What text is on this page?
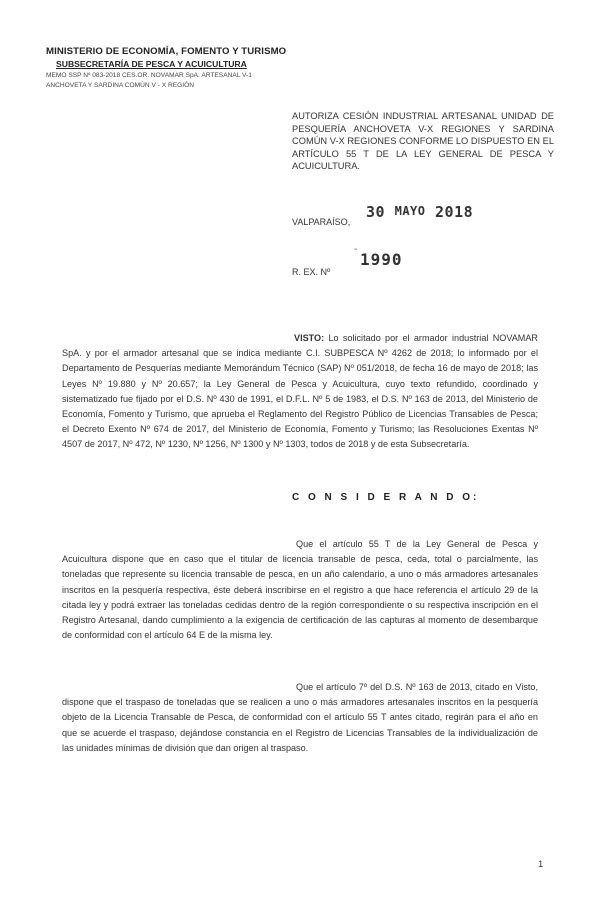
MINISTERIO DE ECONOMÍA, FOMENTO Y TURISMO
SUBSECRETARÍA DE PESCA Y ACUICULTURA
MEMO SSP Nº 083-2018 CES.OR. NOVAMAR SpA. ARTESANAL V-1
ANCHOVETA Y SARDINA COMÚN V - X REGIÓN
AUTORIZA CESIÓN INDUSTRIAL ARTESANAL UNIDAD DE PESQUERÍA ANCHOVETA V-X REGIONES Y SARDINA COMÚN V-X REGIONES CONFORME LO DISPUESTO EN EL ARTÍCULO 55 T DE LA LEY GENERAL DE PESCA Y ACUICULTURA.
VALPARAÍSO,
30 MAYO 2018
R. EX. Nº
-
1990
VISTO: Lo solicitado por el armador industrial NOVAMAR SpA. y por el armador artesanal que se indica mediante C.I. SUBPESCA Nº 4262 de 2018; lo informado por el Departamento de Pesquerías mediante Memorándum Técnico (SAP) Nº 051/2018, de fecha 16 de mayo de 2018; las Leyes Nº 19.880 y Nº 20.657; la Ley General de Pesca y Acuicultura, cuyo texto refundido, coordinado y sistematizado fue fijado por el D.S. Nº 430 de 1991, el D.F.L. Nº 5 de 1983, el D.S. Nº 163 de 2013, del Ministerio de Economía, Fomento y Turismo, que aprueba el Reglamento del Registro Público de Licencias Transables de Pesca; el Decreto Exento Nº 674 de 2017, del Ministerio de Economía, Fomento y Turismo; las Resoluciones Exentas Nº 4507 de 2017, Nº 472, Nº 1230, Nº 1256, Nº 1300 y Nº 1303, todos de 2018 y de esta Subsecretaría.
C O N S I D E R A N D O:
Que el artículo 55 T de la Ley General de Pesca y Acuicultura dispone que en caso que el titular de licencia transable de pesca, ceda, total o parcialmente, las toneladas que represente su licencia transable de pesca, en un año calendario, a uno o más armadores artesanales inscritos en la pesquería respectiva, éste deberá inscribirse en el registro a que hace referencia el artículo 29 de la citada ley y podrá extraer las toneladas cedidas dentro de la región correspondiente o su respectiva inscripción en el Registro Artesanal, dando cumplimiento a la exigencia de certificación de las capturas al momento de desembarque de conformidad con el artículo 64 E de la misma ley.
Que el artículo 7º del D.S. Nº 163 de 2013, citado en Visto, dispone que el traspaso de toneladas que se realicen a uno o más armadores artesanales inscritos en la pesquería objeto de la Licencia Transable de Pesca, de conformidad con el artículo 55 T antes citado, regirán para el año en que se acuerde el traspaso, dejándose constancia en el Registro de Licencias Transables de la individualización de las unidades mínimas de división que dan origen al traspaso.
1
